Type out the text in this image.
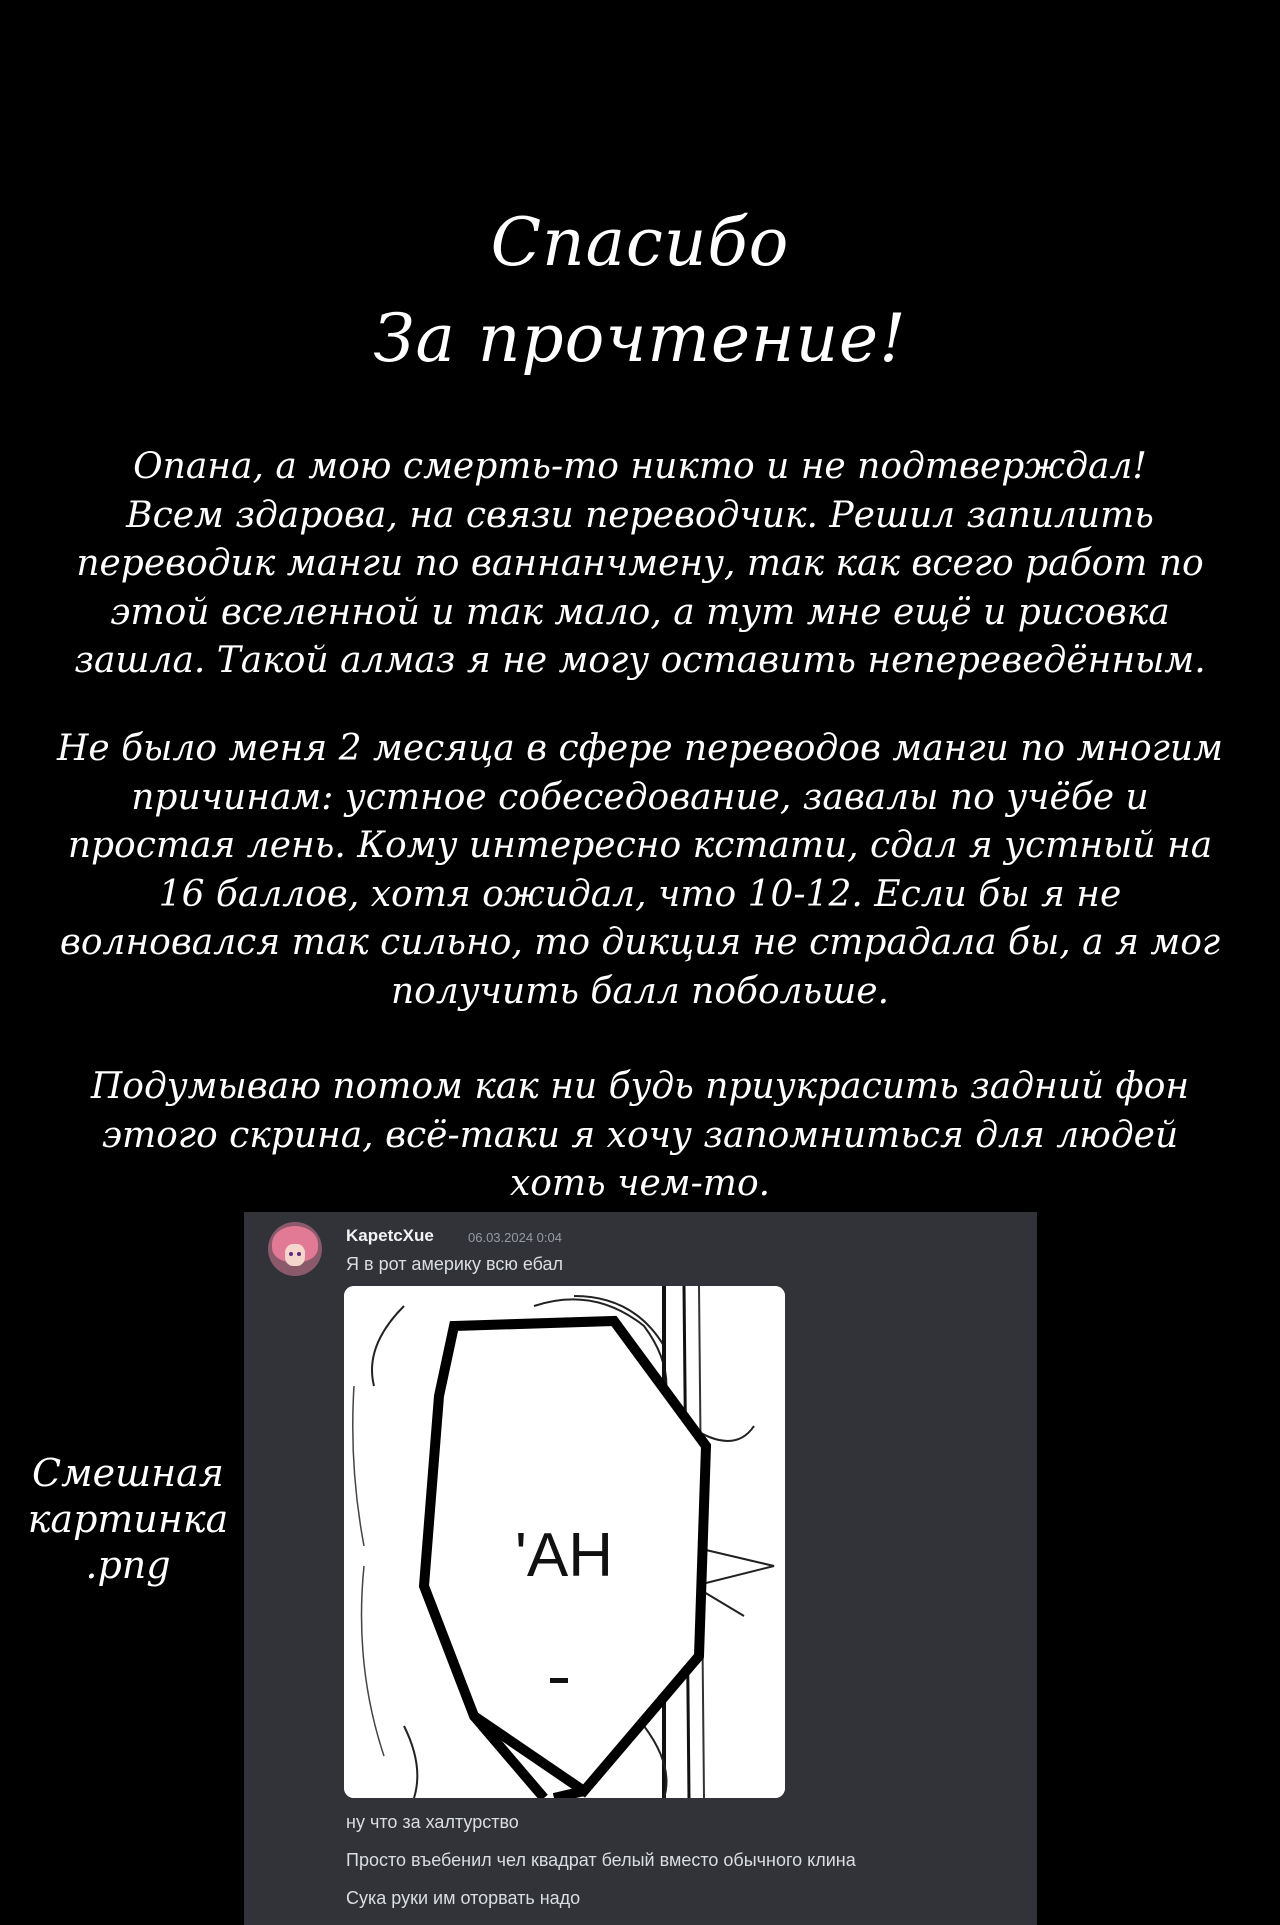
Спасибо
За прочтение!
Опана, а мою смерть-то никто и не подтверждал!
Всем здарова, на связи переводчик. Решил запилить
переводик манги по ваннанчмену, так как всего работ по
этой вселенной и так мало, а тут мне ещё и рисовка
зашла. Такой алмаз я не могу оставить непереведённым.
Не было меня 2 месяца в сфере переводов манги по многим
причинам: устное собеседование, завалы по учёбе и
простая лень. Кому интересно кстати, сдал я устный на
16 баллов, хотя ожидал, что 10-12. Если бы я не
волновался так сильно, то дикция не страдала бы, а я мог
получить балл побольше.
Подумываю потом как ни будь приукрасить задний фон
этого скрина, всё-таки я хочу запомниться для людей
хоть чем-то.
Смешная
картинка
.png
KapetcXue	06.03.2024 0:04
Я в рот америку всю ебал
'АН
ну что за халтурство
Просто въебенил чел квадрат белый вместо обычного клина
Сука руки им оторвать надо
